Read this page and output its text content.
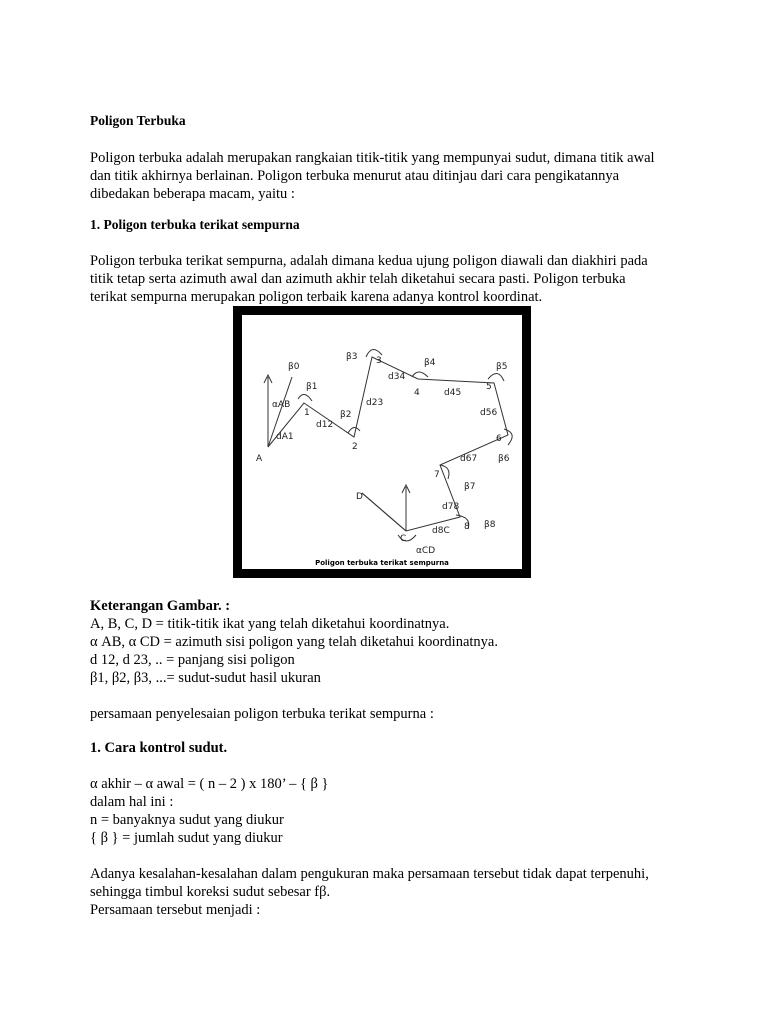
Poligon Terbuka
Poligon terbuka adalah merupakan rangkaian titik-titik yang mempunyai sudut, dimana titik awal
dan titik akhirnya berlainan. Poligon terbuka menurut atau ditinjau dari cara pengikatannya
dibedakan beberapa macam, yaitu :
1. Poligon terbuka terikat sempurna
Poligon terbuka terikat sempurna, adalah dimana kedua ujung poligon diawali dan diakhiri pada
titik tetap serta azimuth awal dan azimuth akhir telah diketahui secara pasti. Poligon terbuka
terikat sempurna merupakan poligon terbaik karena adanya kontrol koordinat.
A
β0
1
2
3
4
5
6
7
8
C
D
β1
β2
β3
β4	β5
β6
β7
β8
dA1
d12
d23
d34
d45
d56
d67
d78
d8C
αAB
αCD
Poligon terbuka terikat sempurna
Keterangan Gambar. :
A, B, C, D = titik-titik ikat yang telah diketahui koordinatnya.
α AB, α CD = azimuth sisi poligon yang telah diketahui koordinatnya.
d 12, d 23, .. = panjang sisi poligon
β1, β2, β3, ...= sudut-sudut hasil ukuran
persamaan penyelesaian poligon terbuka terikat sempurna :
1. Cara kontrol sudut.
α akhir – α awal = ( n – 2 ) x 180’ – { β }
dalam hal ini :
n = banyaknya sudut yang diukur
{ β } = jumlah sudut yang diukur
Adanya kesalahan-kesalahan dalam pengukuran maka persamaan tersebut tidak dapat terpenuhi,
sehingga timbul koreksi sudut sebesar fβ.
Persamaan tersebut menjadi :
